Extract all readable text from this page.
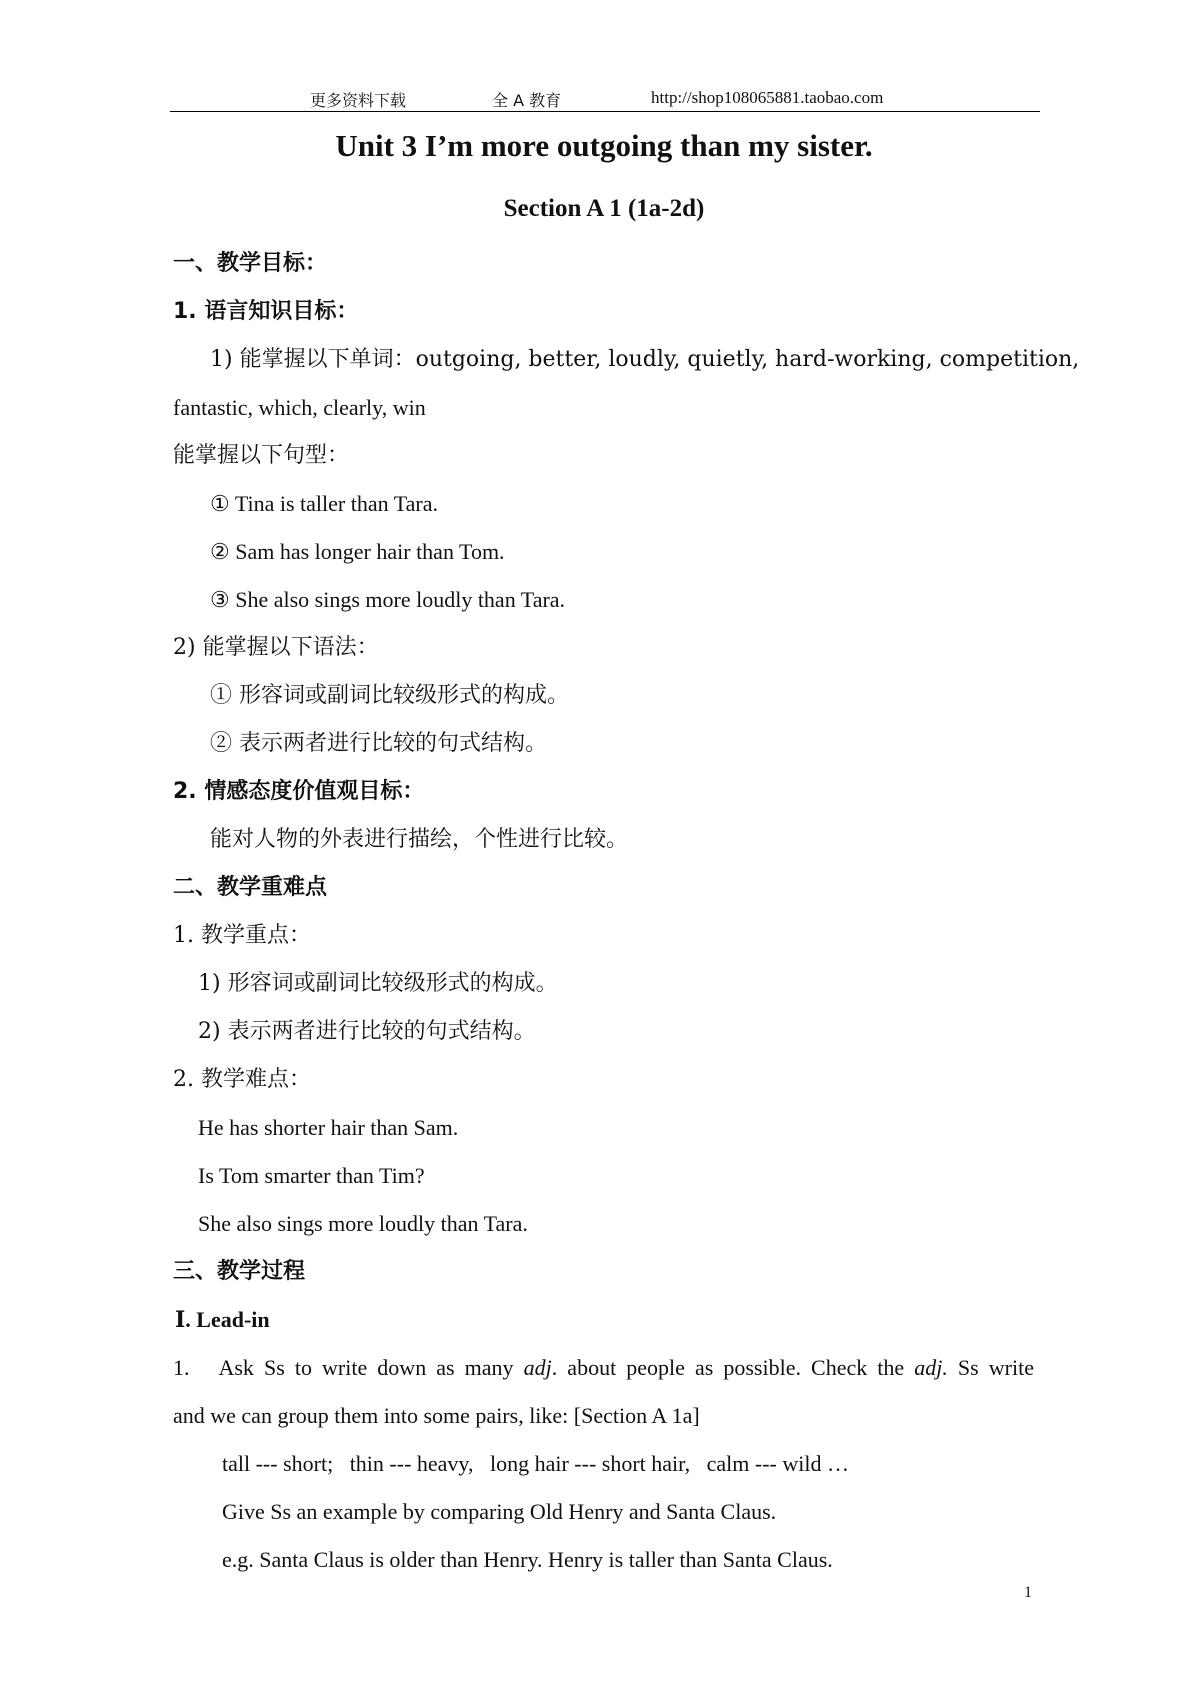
更多资料下载	全 A 教育	http://shop108065881.taobao.com
Unit 3 I’m more outgoing than my sister.
Section A 1 (1a-2d)
一、教学目标：
1. 语言知识目标：
1) 能掌握以下单词：outgoing, better, loudly, quietly, hard-working, competition,
fantastic, which, clearly, win
能掌握以下句型：
① Tina is taller than Tara.
② Sam has longer hair than Tom.
③ She also sings more loudly than Tara.
2) 能掌握以下语法：
① 形容词或副词比较级形式的构成。
② 表示两者进行比较的句式结构。
2. 情感态度价值观目标：
能对人物的外表进行描绘，个性进行比较。
二、教学重难点
1. 教学重点：
1) 形容词或副词比较级形式的构成。
2) 表示两者进行比较的句式结构。
2. 教学难点：
He has shorter hair than Sam.
Is Tom smarter than Tim?
She also sings more loudly than Tara.
三、教学过程
Ⅰ. Lead-in
1. Ask Ss to write down as many adj. about people as possible. Check the adj. Ss write
and we can group them into some pairs, like: [Section A 1a]
tall --- short;   thin --- heavy,   long hair --- short hair,   calm --- wild …
Give Ss an example by comparing Old Henry and Santa Claus.
e.g. Santa Claus is older than Henry. Henry is taller than Santa Claus.
1
